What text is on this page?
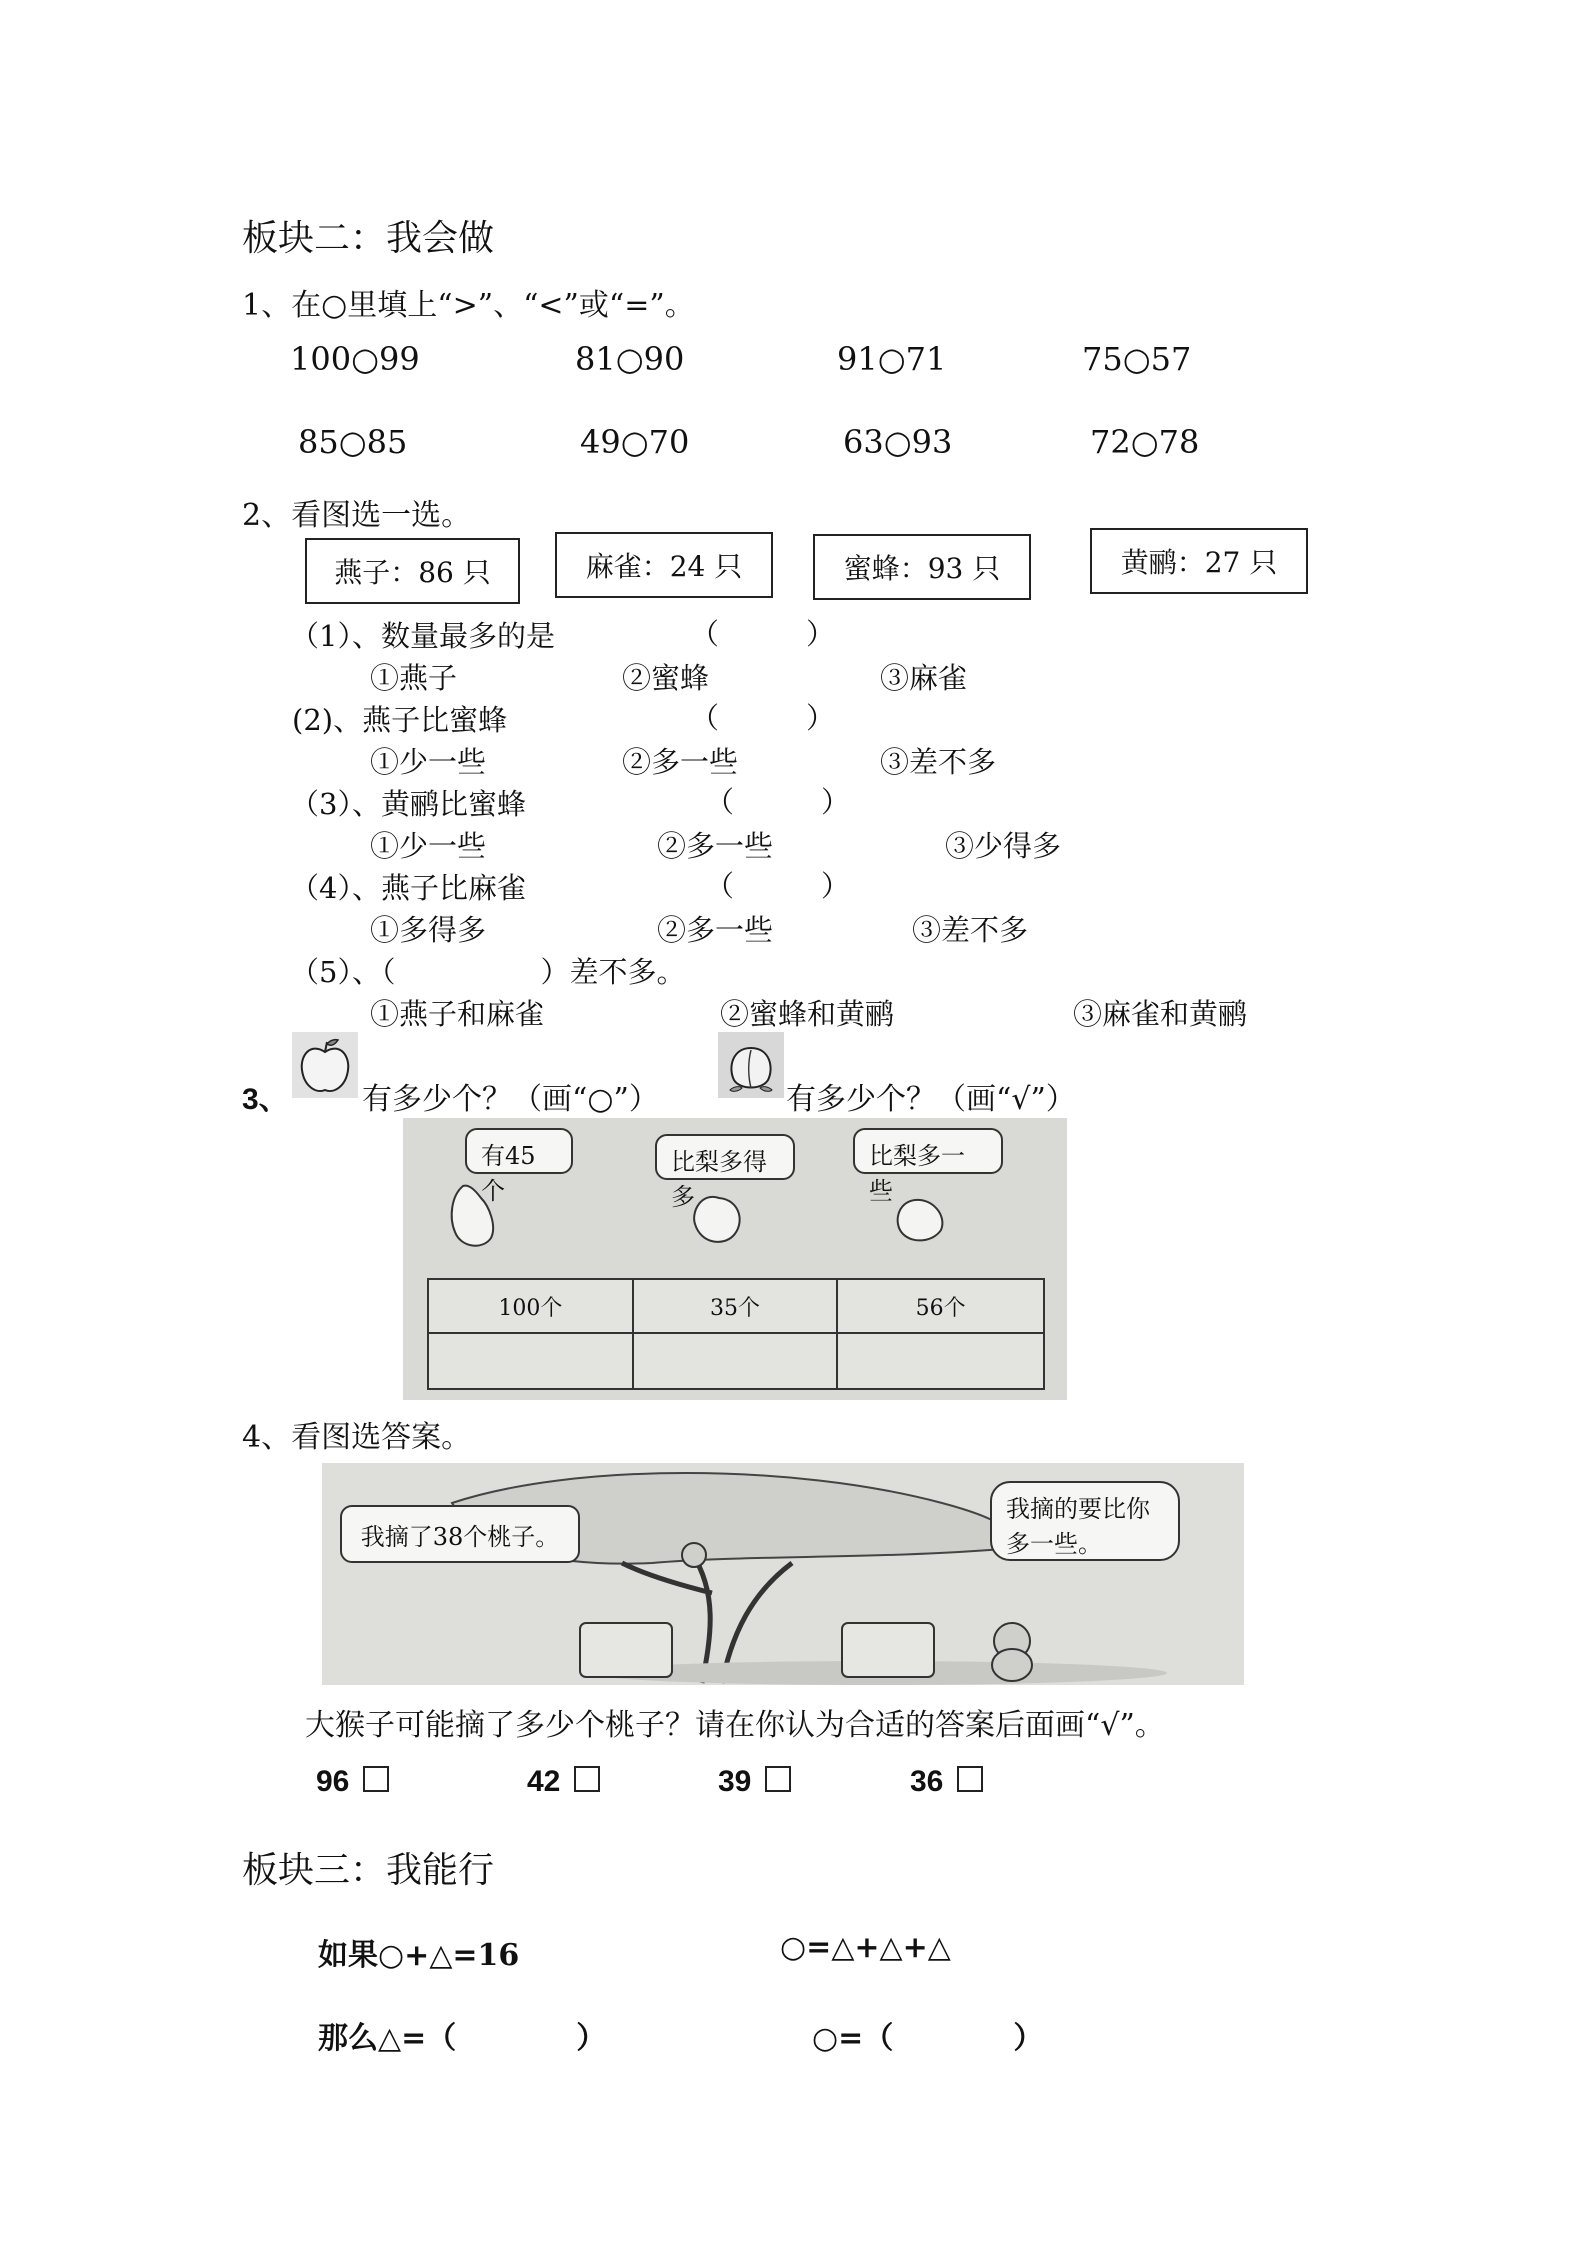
板块二：我会做
1、在○里填上“>”、“<”或“=”。
100○99	81○90	91○71	75○57
85○85	49○70	63○93	72○78
2、看图选一选。
燕子：86 只	麻雀：24 只	蜜蜂：93 只	黄鹂：27 只
（1）、数量最多的是	（　　　）
①燕子	②蜜蜂	③麻雀
(2)、燕子比蜜蜂	（　　　）
①少一些	②多一些	③差不多
（3）、黄鹂比蜜蜂	（　　　）
①少一些	②多一些	③少得多
（4）、燕子比麻雀	（　　　）
①多得多	②多一些	③差不多
（5）、（　　　　　）差不多。
①燕子和麻雀	②蜜蜂和黄鹂	③麻雀和黄鹂
3、 有多少个？（画“○”）	有多少个？（画“√”）
有45个
比梨多得多
比梨多一些
100个	35个	56个
4、看图选答案。
我摘了38个桃子。
我摘的要比你
多一些。
大猴子可能摘了多少个桃子？请在你认为合适的答案后面画“√”。
96	42	39	36
板块三：我能行
如果○+△=16	○=△+△+△
那么△=（　　　　）	○=（　　　　）
